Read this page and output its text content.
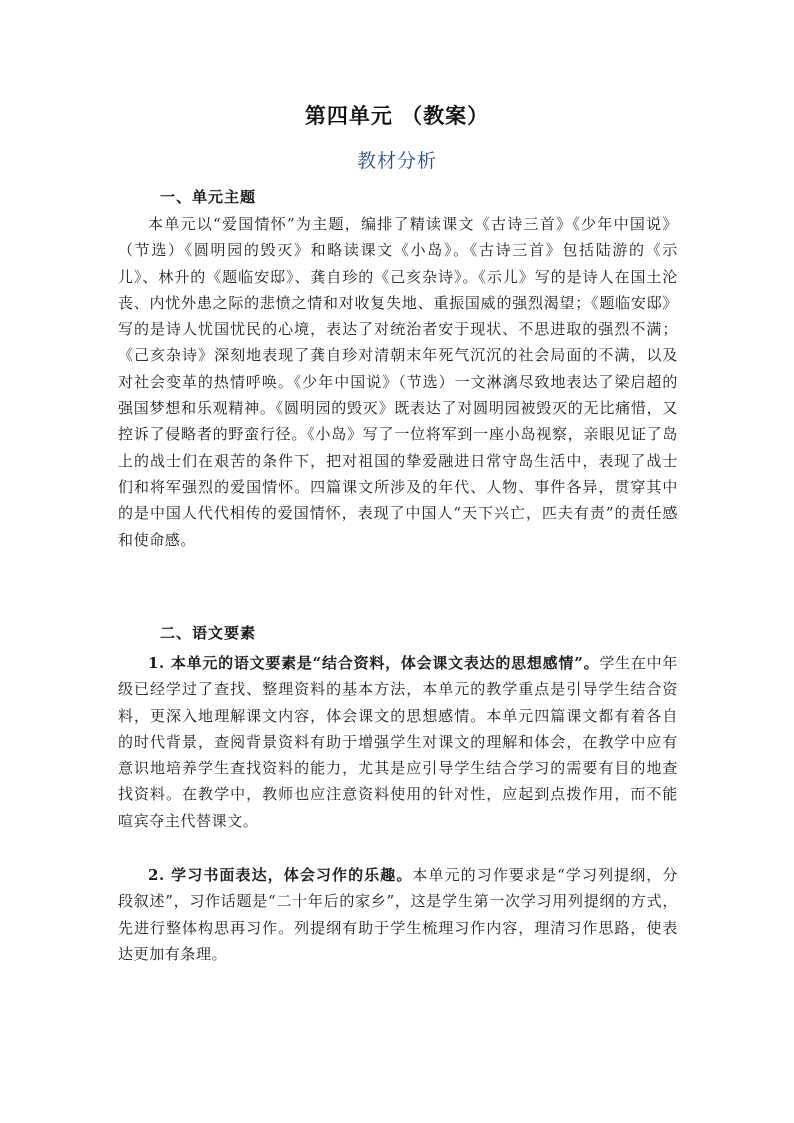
第四单元 （教案）
教材分析
一、单元主题
本单元以“爱国情怀”为主题，编排了精读课文《古诗三首》《少年中国说》（节选）《圆明园的毁灭》和略读课文《小岛》。《古诗三首》包括陆游的《示儿》、林升的《题临安邸》、龚自珍的《己亥杂诗》。《示儿》写的是诗人在国土沦丧、内忧外患之际的悲愤之情和对收复失地、重振国威的强烈渴望；《题临安邸》写的是诗人忧国忧民的心境，表达了对统治者安于现状、不思进取的强烈不满；《己亥杂诗》深刻地表现了龚自珍对清朝末年死气沉沉的社会局面的不满，以及对社会变革的热情呼唤。《少年中国说》（节选）一文淋漓尽致地表达了梁启超的强国梦想和乐观精神。《圆明园的毁灭》既表达了对圆明园被毁灭的无比痛惜，又控诉了侵略者的野蛮行径。《小岛》写了一位将军到一座小岛视察，亲眼见证了岛上的战士们在艰苦的条件下，把对祖国的挚爱融进日常守岛生活中，表现了战士们和将军强烈的爱国情怀。四篇课文所涉及的年代、人物、事件各异，贯穿其中的是中国人代代相传的爱国情怀，表现了中国人“天下兴亡，匹夫有责”的责任感和使命感。
二、语文要素
1. 本单元的语文要素是“结合资料，体会课文表达的思想感情”。学生在中年级已经学过了查找、整理资料的基本方法，本单元的教学重点是引导学生结合资料，更深入地理解课文内容，体会课文的思想感情。本单元四篇课文都有着各自的时代背景，查阅背景资料有助于增强学生对课文的理解和体会，在教学中应有意识地培养学生查找资料的能力，尤其是应引导学生结合学习的需要有目的地查找资料。在教学中，教师也应注意资料使用的针对性，应起到点拨作用，而不能喧宾夺主代替课文。
2. 学习书面表达，体会习作的乐趣。本单元的习作要求是“学习列提纲，分段叙述”，习作话题是“二十年后的家乡”，这是学生第一次学习用列提纲的方式，先进行整体构思再习作。列提纲有助于学生梳理习作内容，理清习作思路，使表达更加有条理。
